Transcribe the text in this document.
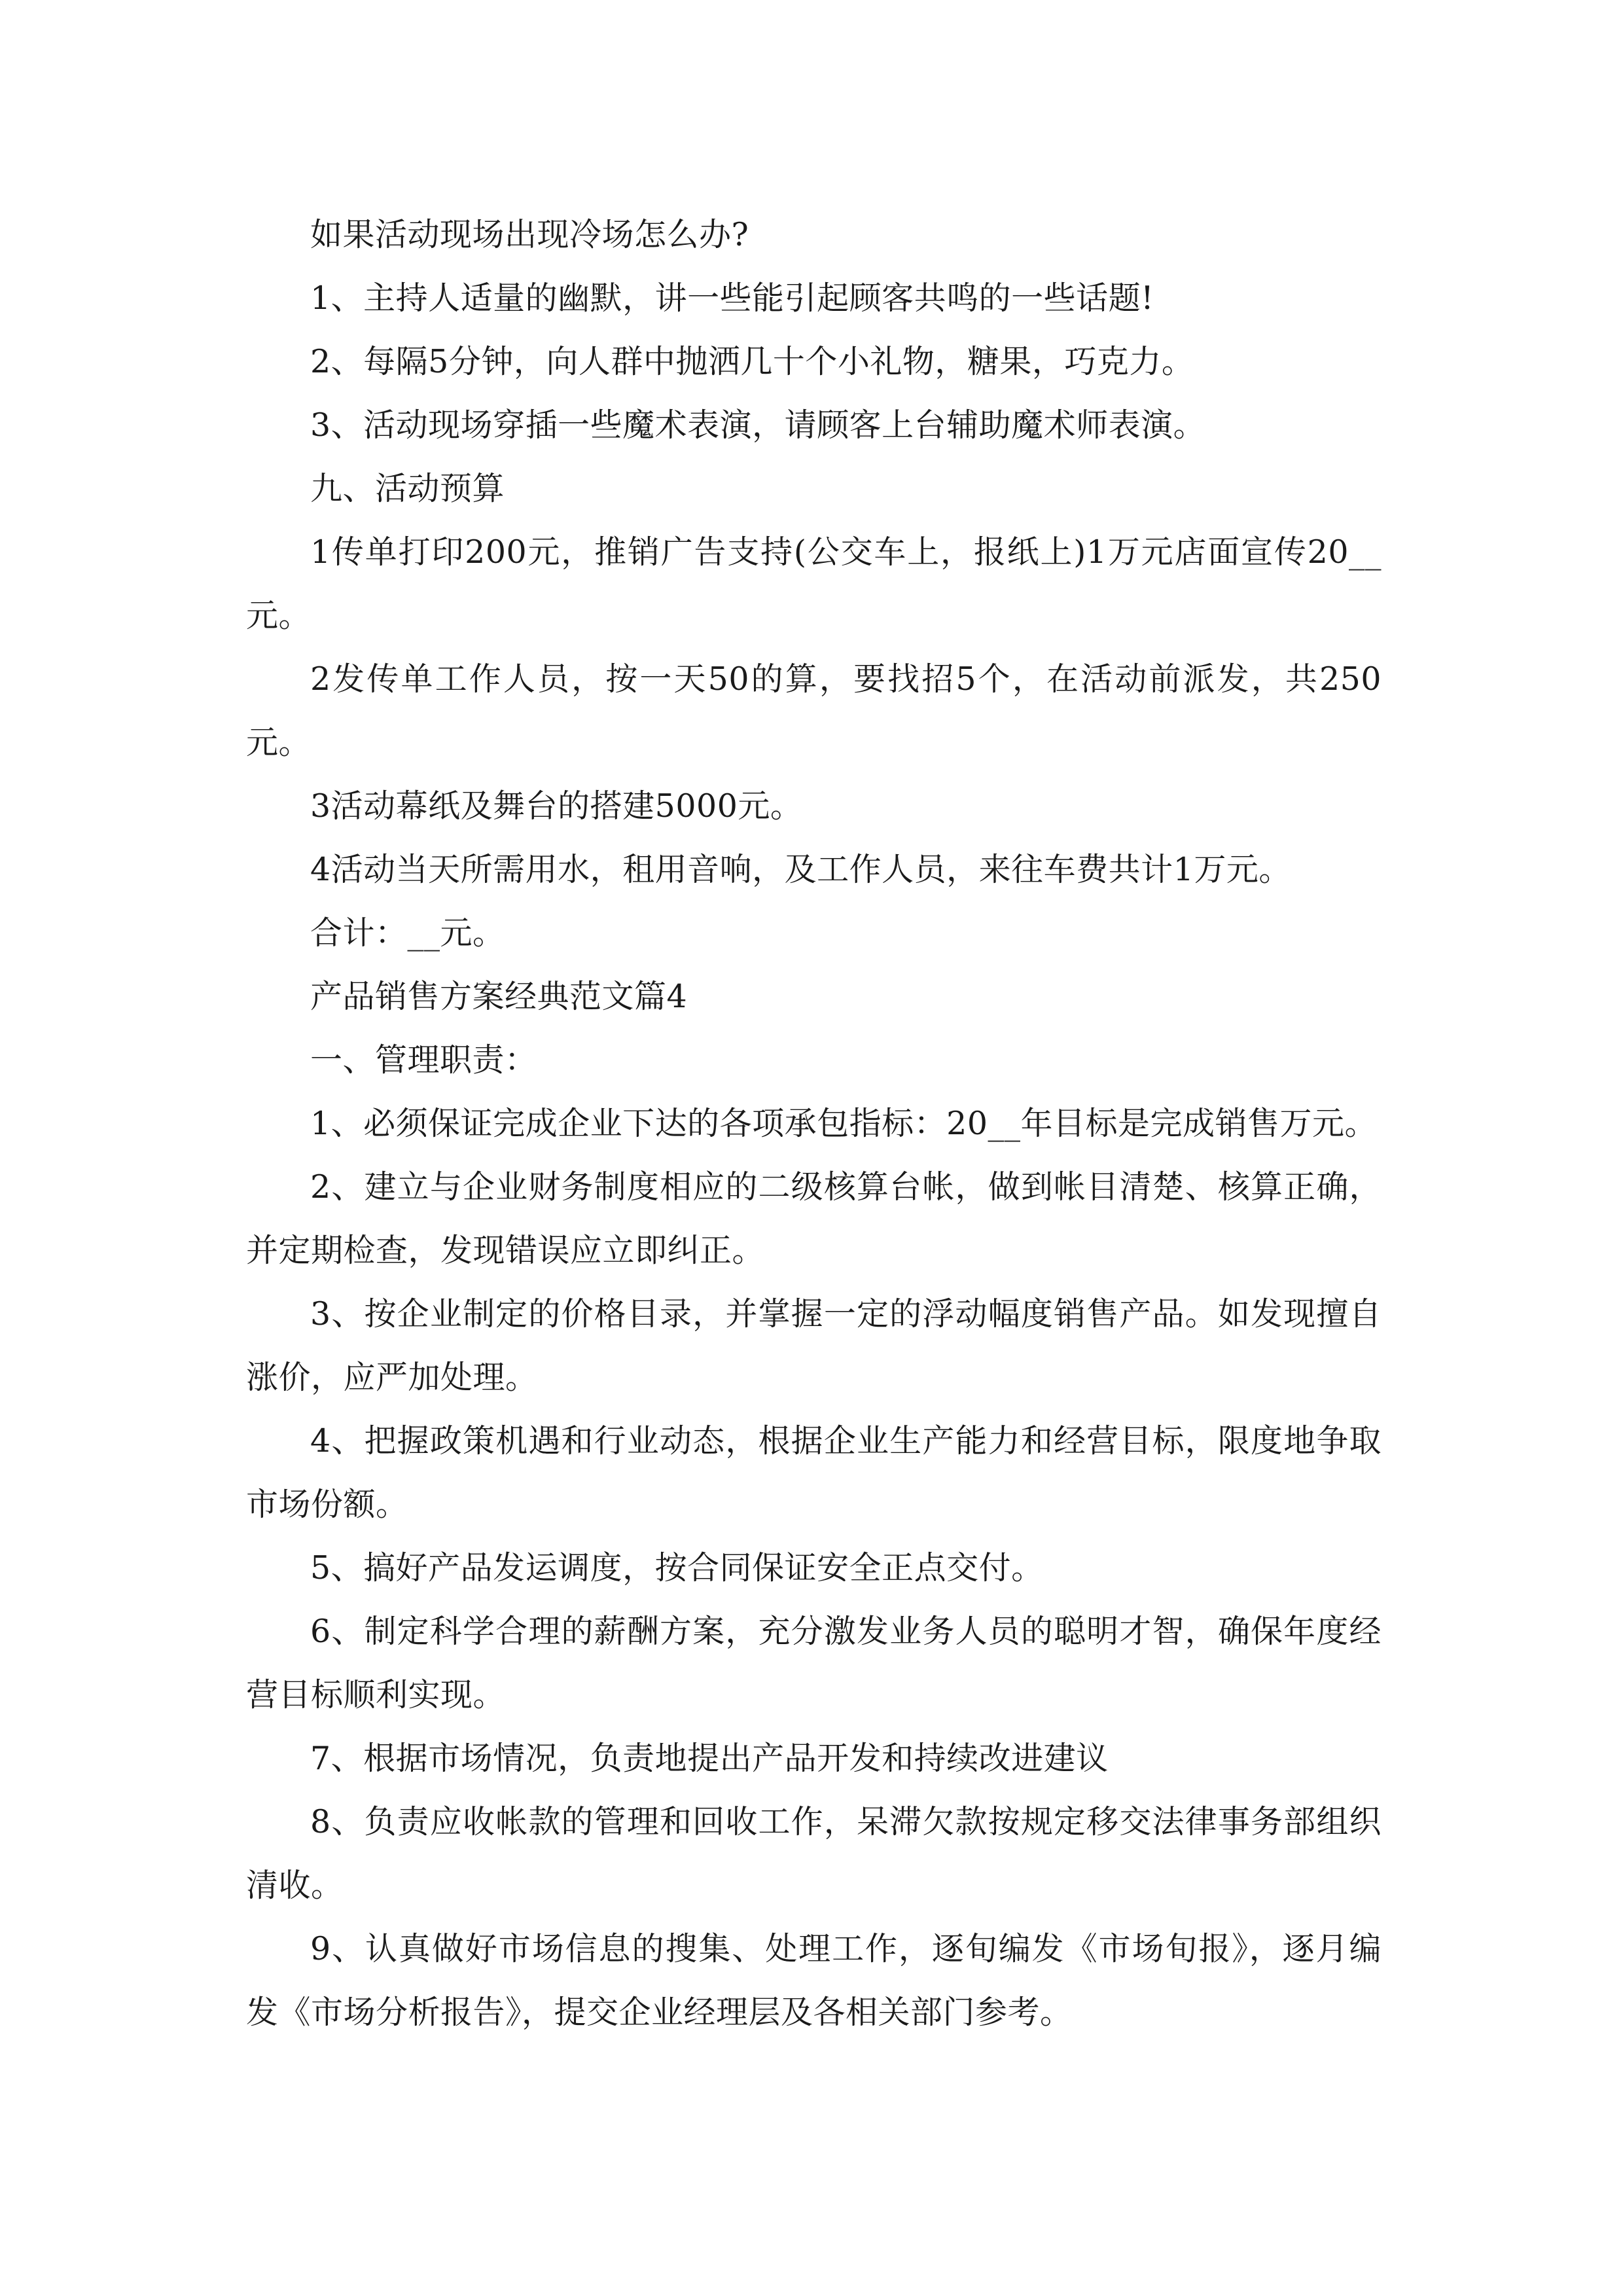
如果活动现场出现冷场怎么办?

1、主持人适量的幽默，讲一些能引起顾客共鸣的一些话题!

2、每隔5分钟，向人群中抛洒几十个小礼物，糖果，巧克力。

3、活动现场穿插一些魔术表演，请顾客上台辅助魔术师表演。

九、活动预算

1传单打印200元，推销广告支持(公交车上，报纸上)1万元店面宣传20__元。

2发传单工作人员，按一天50的算，要找招5个，在活动前派发，共250元。

3活动幕纸及舞台的搭建5000元。

4活动当天所需用水，租用音响，及工作人员，来往车费共计1万元。

合计：__元。

产品销售方案经典范文篇4

一、管理职责：

1、必须保证完成企业下达的各项承包指标：20__年目标是完成销售万元。

2、建立与企业财务制度相应的二级核算台帐，做到帐目清楚、核算正确，并定期检查，发现错误应立即纠正。

3、按企业制定的价格目录，并掌握一定的浮动幅度销售产品。如发现擅自涨价，应严加处理。

4、把握政策机遇和行业动态，根据企业生产能力和经营目标，限度地争取市场份额。

5、搞好产品发运调度，按合同保证安全正点交付。

6、制定科学合理的薪酬方案，充分激发业务人员的聪明才智，确保年度经营目标顺利实现。

7、根据市场情况，负责地提出产品开发和持续改进建议

8、负责应收帐款的管理和回收工作，呆滞欠款按规定移交法律事务部组织清收。

9、认真做好市场信息的搜集、处理工作，逐旬编发《市场旬报》，逐月编发《市场分析报告》，提交企业经理层及各相关部门参考。
